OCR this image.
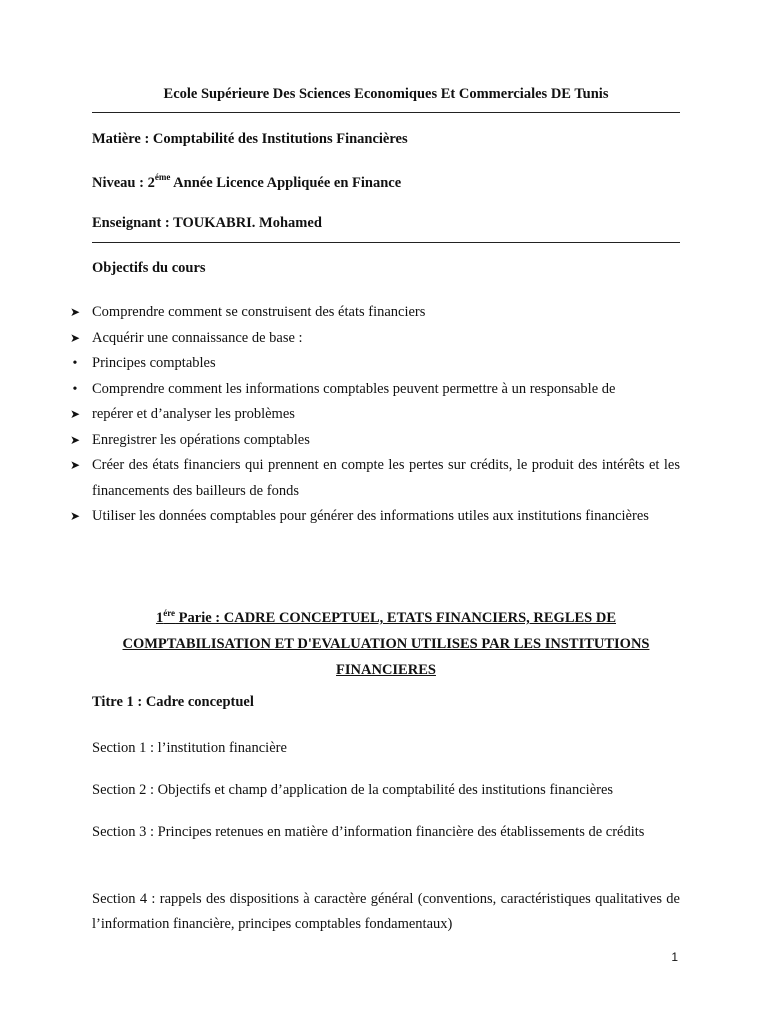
Ecole Supérieure Des Sciences Economiques Et Commerciales DE Tunis
Matière : Comptabilité des Institutions Financières
Niveau : $2^{éme}$ Année Licence Appliquée en Finance
Enseignant : TOUKABRI. Mohamed
Objectifs du cours
➤ Comprendre comment se construisent des états financiers
➤ Acquérir une connaissance de base :
•	Principes comptables
•	Comprendre comment les informations comptables peuvent permettre à un responsable de
➤ repérer et d’analyser les problèmes
➤ Enregistrer les opérations comptables
➤ Créer des états financiers qui prennent en compte les pertes sur crédits, le produit des intérêts et les financements des bailleurs de fonds
➤ Utiliser les données comptables pour générer des informations utiles aux institutions financières
$1^{ére}$ Parie : CADRE CONCEPTUEL, ETATS FINANCIERS, REGLES DE COMPTABILISATION ET D'EVALUATION UTILISES PAR LES INSTITUTIONS FINANCIERES
Titre 1 : Cadre conceptuel
Section 1 : l’institution financière
Section 2 : Objectifs et champ d’application de la comptabilité des institutions financières
Section 3 : Principes retenues en matière d’information financière des établissements de crédits
Section 4 : rappels des dispositions à caractère général (conventions, caractéristiques qualitatives de l’information financière, principes comptables fondamentaux)
1
